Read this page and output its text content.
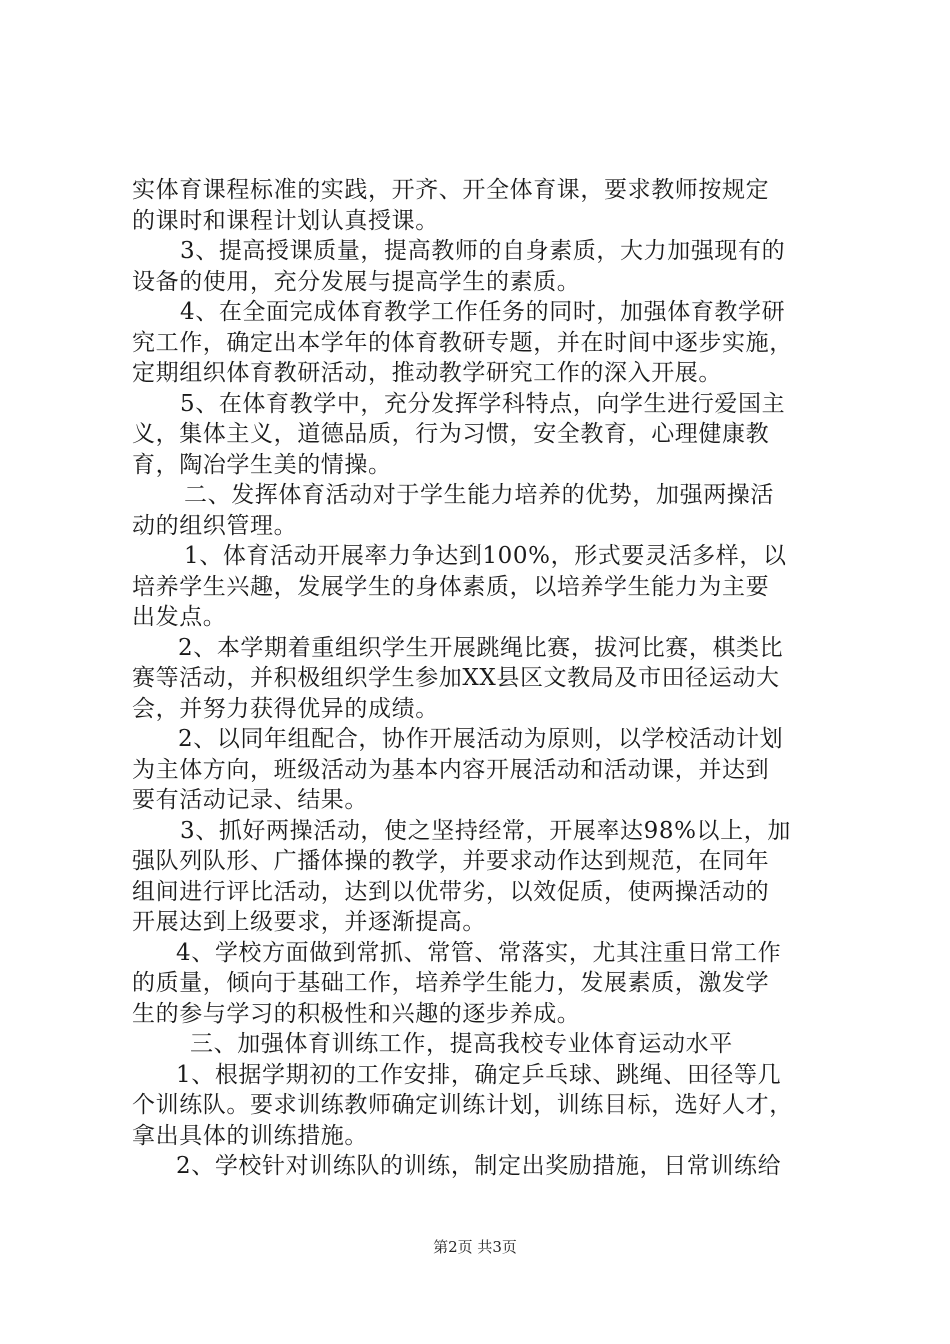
实体育课程标准的实践，开齐、开全体育课，要求教师按规定
的课时和课程计划认真授课。
3、提高授课质量，提高教师的自身素质，大力加强现有的
设备的使用，充分发展与提高学生的素质。
4、在全面完成体育教学工作任务的同时，加强体育教学研
究工作，确定出本学年的体育教研专题，并在时间中逐步实施，
定期组织体育教研活动，推动教学研究工作的深入开展。
5、在体育教学中，充分发挥学科特点，向学生进行爱国主
义，集体主义，道德品质，行为习惯，安全教育，心理健康教
育，陶冶学生美的情操。
二、发挥体育活动对于学生能力培养的优势，加强两操活
动的组织管理。
1、体育活动开展率力争达到100%，形式要灵活多样，以
培养学生兴趣，发展学生的身体素质，以培养学生能力为主要
出发点。
2、本学期着重组织学生开展跳绳比赛，拔河比赛，棋类比
赛等活动，并积极组织学生参加XX县区文教局及市田径运动大
会，并努力获得优异的成绩。
2、以同年组配合，协作开展活动为原则，以学校活动计划
为主体方向，班级活动为基本内容开展活动和活动课，并达到
要有活动记录、结果。
3、抓好两操活动，使之坚持经常，开展率达98%以上，加
强队列队形、广播体操的教学，并要求动作达到规范，在同年
组间进行评比活动，达到以优带劣，以效促质，使两操活动的
开展达到上级要求，并逐渐提高。
4、学校方面做到常抓、常管、常落实，尤其注重日常工作
的质量，倾向于基础工作，培养学生能力，发展素质，激发学
生的参与学习的积极性和兴趣的逐步养成。
三、加强体育训练工作，提高我校专业体育运动水平
1、根据学期初的工作安排，确定乒乓球、跳绳、田径等几
个训练队。要求训练教师确定训练计划，训练目标，选好人才，
拿出具体的训练措施。
2、学校针对训练队的训练，制定出奖励措施，日常训练给
第2页 共3页
